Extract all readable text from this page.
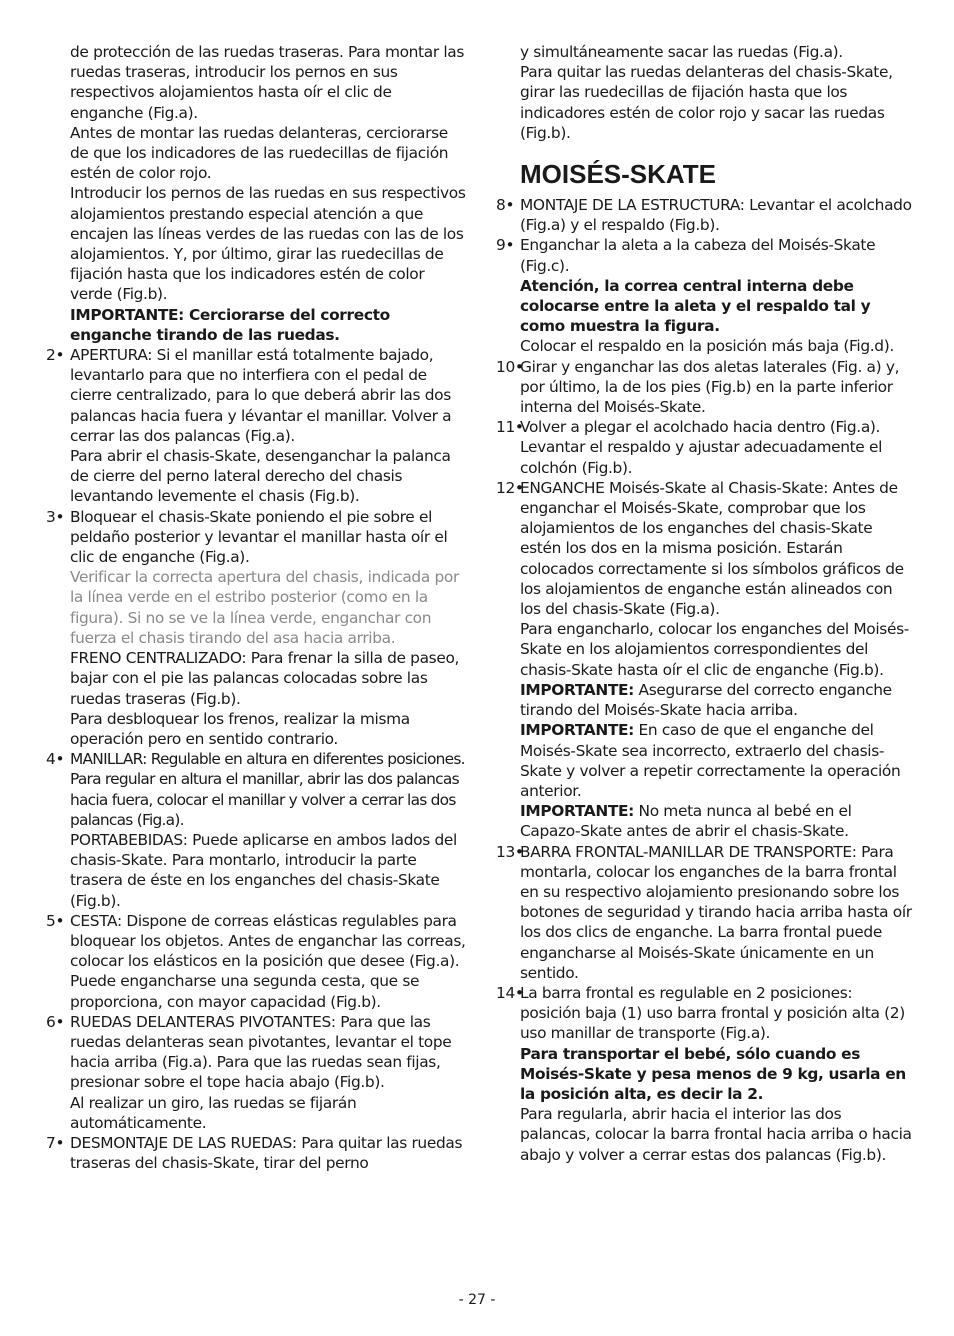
de protección de las ruedas traseras. Para montar las ruedas traseras, introducir los pernos en sus respectivos alojamientos hasta oír el clic de enganche (Fig.a).

Antes de montar las ruedas delanteras, cerciorarse de que los indicadores de las ruedecillas de fijación estén de color rojo.

Introducir los pernos de las ruedas en sus respectivos alojamientos prestando especial atención a que encajen las líneas verdes de las ruedas con las de los alojamientos. Y, por último, girar las ruedecillas de fijación hasta que los indicadores estén de color verde (Fig.b).

IMPORTANTE: Cerciorarse del correcto enganche tirando de las ruedas.

2• APERTURA: Si el manillar está totalmente bajado, levantarlo para que no interfiera con el pedal de cierre centralizado, para lo que deberá abrir las dos palancas hacia fuera y lévantar el manillar. Volver a cerrar las dos palancas (Fig.a).

Para abrir el chasis-Skate, desenganchar la palanca de cierre del perno lateral derecho del chasis levantando levemente el chasis (Fig.b).

3• Bloquear el chasis-Skate poniendo el pie sobre el peldaño posterior y levantar el manillar hasta oír el clic de enganche (Fig.a).

Verificar la correcta apertura del chasis, indicada por la línea verde en el estribo posterior (como en la figura). Si no se ve la línea verde, enganchar con fuerza el chasis tirando del asa hacia arriba.

FRENO CENTRALIZADO: Para frenar la silla de paseo, bajar con el pie las palancas colocadas sobre las ruedas traseras (Fig.b).

Para desbloquear los frenos, realizar la misma operación pero en sentido contrario.

4• MANILLAR: Regulable en altura en diferentes posiciones. Para regular en altura el manillar, abrir las dos palancas hacia fuera, colocar el manillar y volver a cerrar las dos palancas (Fig.a).

PORTABEBIDAS: Puede aplicarse en ambos lados del chasis-Skate. Para montarlo, introducir la parte trasera de éste en los enganches del chasis-Skate (Fig.b).

5• CESTA: Dispone de correas elásticas regulables para bloquear los objetos. Antes de enganchar las correas, colocar los elásticos en la posición que desee (Fig.a).

Puede engancharse una segunda cesta, que se proporciona, con mayor capacidad (Fig.b).

6• RUEDAS DELANTERAS PIVOTANTES: Para que las ruedas delanteras sean pivotantes, levantar el tope hacia arriba (Fig.a). Para que las ruedas sean fijas, presionar sobre el tope hacia abajo (Fig.b).

Al realizar un giro, las ruedas se fijarán automáticamente.

7• DESMONTAJE DE LAS RUEDAS: Para quitar las ruedas traseras del chasis-Skate, tirar del perno

y simultáneamente sacar las ruedas (Fig.a).

Para quitar las ruedas delanteras del chasis-Skate, girar las ruedecillas de fijación hasta que los indicadores estén de color rojo y sacar las ruedas (Fig.b).

MOISÉS-SKATE
8• MONTAJE DE LA ESTRUCTURA: Levantar el acolchado (Fig.a) y el respaldo (Fig.b).

9• Enganchar la aleta a la cabeza del Moisés-Skate (Fig.c).

Atención, la correa central interna debe colocarse entre la aleta y el respaldo tal y como muestra la figura.

Colocar el respaldo en la posición más baja (Fig.d).

10•

Girar y enganchar las dos aletas laterales (Fig. a) y, por último, la de los pies (Fig.b) en la parte inferior interna del Moisés-Skate.

11•

Volver a plegar el acolchado hacia dentro (Fig.a). Levantar el respaldo y ajustar adecuadamente el colchón (Fig.b).

12•

ENGANCHE Moisés-Skate al Chasis-Skate: Antes de enganchar el Moisés-Skate, comprobar que los alojamientos de los enganches del chasis-Skate estén los dos en la misma posición. Estarán colocados correctamente si los símbolos gráficos de los alojamientos de enganche están alineados con los del chasis-Skate (Fig.a).

Para engancharlo, colocar los enganches del Moisés-Skate en los alojamientos correspondientes del chasis-Skate hasta oír el clic de enganche (Fig.b).

IMPORTANTE: Asegurarse del correcto enganche tirando del Moisés-Skate hacia arriba.

IMPORTANTE: En caso de que el enganche del Moisés-Skate sea incorrecto, extraerlo del chasis-Skate y volver a repetir correctamente la operación anterior.

IMPORTANTE: No meta nunca al bebé en el Capazo-Skate antes de abrir el chasis-Skate.

13•

BARRA FRONTAL-MANILLAR DE TRANSPORTE: Para montarla, colocar los enganches de la barra frontal en su respectivo alojamiento presionando sobre los botones de seguridad y tirando hacia arriba hasta oír los dos clics de enganche. La barra frontal puede engancharse al Moisés-Skate únicamente en un sentido.

14•

La barra frontal es regulable en 2 posiciones: posición baja (1) uso barra frontal y posición alta (2) uso manillar de transporte (Fig.a).

Para transportar el bebé, sólo cuando es Moisés-Skate y pesa menos de 9 kg, usarla en la posición alta, es decir la 2.

Para regularla, abrir hacia el interior las dos palancas, colocar la barra frontal hacia arriba o hacia abajo y volver a cerrar estas dos palancas (Fig.b).

- 27 -
